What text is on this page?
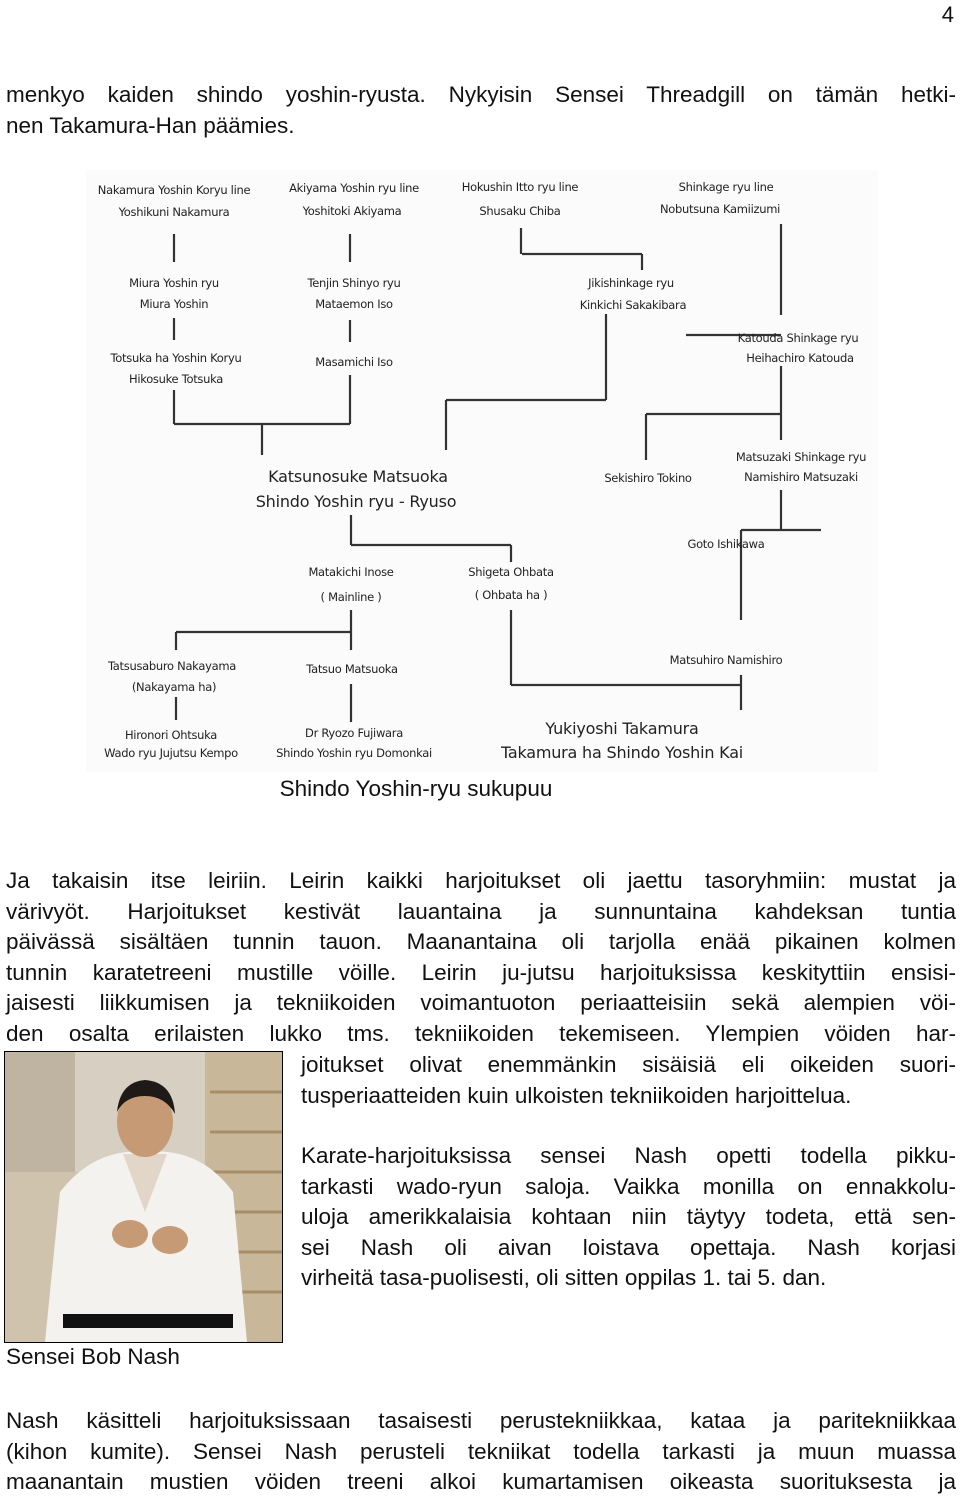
4

menkyo kaiden shindo yoshin-ryusta. Nykyisin Sensei Threadgill on tämän hetki-
nen Takamura-Han päämies.

Nakamura Yoshin Koryu line
Yoshikuni Nakamura
Akiyama Yoshin ryu line
Yoshitoki Akiyama
Hokushin Itto ryu line
Shusaku Chiba
Shinkage ryu line
Nobutsuna Kamiizumi
Miura Yoshin ryu
Miura Yoshin
Tenjin Shinyo ryu
Mataemon Iso
Jikishinkage ryu
Kinkichi Sakakibara
Totsuka ha Yoshin Koryu
Hikosuke Totsuka
Masamichi Iso
Katouda Shinkage ryu
Heihachiro Katouda
Katsunosuke Matsuoka
Shindo Yoshin ryu - Ryuso
Sekishiro Tokino
Matsuzaki Shinkage ryu
Namishiro Matsuzaki
Goto Ishikawa
Matakichi Inose
( Mainline )
Shigeta Ohbata
( Ohbata ha )
Tatsusaburo Nakayama
(Nakayama ha)
Tatsuo Matsuoka
Matsuhiro Namishiro
Hironori Ohtsuka
Wado ryu Jujutsu Kempo
Dr Ryozo Fujiwara
Shindo Yoshin ryu Domonkai
Yukiyoshi Takamura
Takamura ha Shindo Yoshin Kai
Shindo Yoshin-ryu sukupuu

Ja takaisin itse leiriin. Leirin kaikki harjoitukset oli jaettu tasoryhmiin: mustat ja
värivyöt. Harjoitukset kestivät lauantaina ja sunnuntaina kahdeksan tuntia
päivässä sisältäen tunnin tauon. Maanantaina oli tarjolla enää pikainen kolmen
tunnin karatetreeni mustille vöille. Leirin ju-jutsu harjoituksissa keskityttiin ensisi-
jaisesti liikkumisen ja tekniikoiden voimantuoton periaatteisiin sekä alempien vöi-
den osalta erilaisten lukko tms. tekniikoiden tekemiseen. Ylempien vöiden har-

joitukset olivat enemmänkin sisäisiä eli oikeiden suori-
tusperiaatteiden kuin ulkoisten tekniikoiden harjoittelua.

Karate-harjoituksissa sensei Nash opetti todella pikku-
tarkasti wado-ryun saloja. Vaikka monilla on ennakkolu-
uloja amerikkalaisia kohtaan niin täytyy todeta, että sen-
sei Nash oli aivan loistava opettaja. Nash korjasi
virheitä tasa-puolisesti, oli sitten oppilas 1. tai 5. dan.

Sensei Bob Nash

Nash käsitteli harjoituksissaan tasaisesti perustekniikkaa, kataa ja paritekniikkaa
(kihon kumite). Sensei Nash perusteli tekniikat todella tarkasti ja muun muassa
maanantain mustien vöiden treeni alkoi kumartamisen oikeasta suorituksesta ja
